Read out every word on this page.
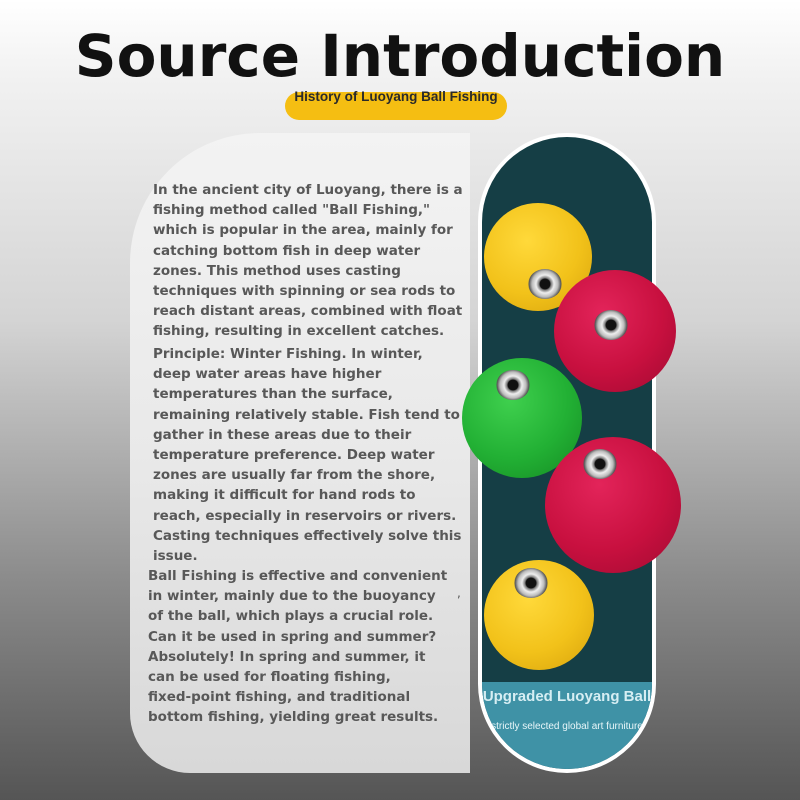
Source Introduction
History of Luoyang Ball Fishing

In the ancient city of Luoyang, there is a
fishing method called "Ball Fishing,"
which is popular in the area, mainly for
catching bottom fish in deep water
zones. This method uses casting
techniques with spinning or sea rods to
reach distant areas, combined with float
fishing, resulting in excellent catches.

Principle: Winter Fishing. In winter,
deep water areas have higher
temperatures than the surface,
remaining relatively stable. Fish tend to
gather in these areas due to their
temperature preference. Deep water
zones are usually far from the shore,
making it difficult for hand rods to
reach, especially in reservoirs or rivers.
Casting techniques effectively solve this
issue.

Ball Fishing is effective and convenient
in winter, mainly due to the buoyancy
of the ball, which plays a crucial role.
Can it be used in spring and summer?
Absolutely! In spring and summer, it
can be used for floating fishing,
fixed-point fishing, and traditional
bottom fishing, yielding great results.

,
Upgraded Luoyang Ball
strictly selected global art furniture
